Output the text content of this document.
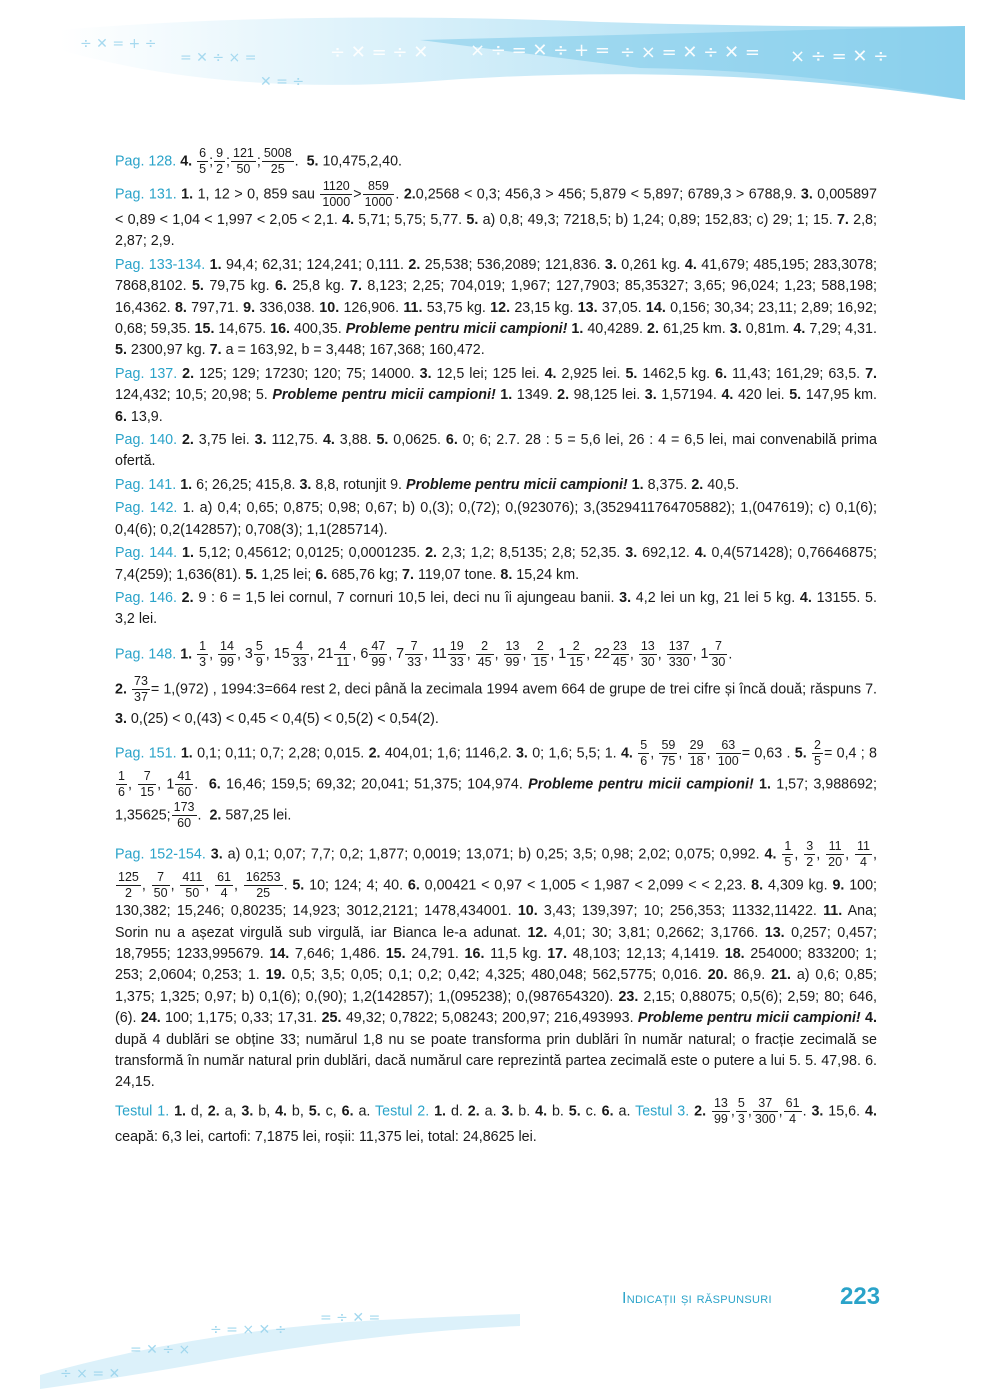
÷ ✕ = ÷ ✕ × ÷ = ✕ ÷ + = ÷ × = ✕ ÷ ✕ = × ÷ = ✕ ÷
÷ ✕ = + ÷
= ✕ ÷ × =
✕ = ÷

Pag. 128. 4. $\frac{6}{5}$ ; $\frac{9}{2}$ ; $\frac{121}{50}$ ; $\frac{5008}{25}$ .  5. 10,475,2,40.

Pag. 131. 1. 1, 12 > 0, 859 sau $\frac{1120}{1000} > \frac{859}{1000}$ . 2.0,2568 < 0,3; 456,3 > 456; 5,879 < 5,897; 6789,3 > 6788,9. 3. 0,005897 < 0,89 < 1,04 < 1,997 < 2,05 < 2,1. 4. 5,71; 5,75; 5,77. 5. a) 0,8; 49,3; 7218,5; b) 1,24; 0,89; 152,83; c) 29; 1; 15. 7. 2,8; 2,87; 2,9.

Pag. 133-134. 1. 94,4; 62,31; 124,241; 0,111. 2. 25,538; 536,2089; 121,836. 3. 0,261 kg. 4. 41,679; 485,195; 283,3078; 7868,8102. 5. 79,75 kg. 6. 25,8 kg. 7. 8,123; 2,25; 704,019; 1,967; 127,7903; 85,35327; 3,65; 96,024; 1,23; 588,198; 16,4362. 8. 797,71. 9. 336,038. 10. 126,906. 11. 53,75 kg. 12. 23,15 kg. 13. 37,05. 14. 0,156; 30,34; 23,11; 2,89; 16,92; 0,68; 59,35. 15. 14,675. 16. 400,35. Probleme pentru micii campioni! 1. 40,4289. 2. 61,25 km. 3. 0,81m. 4. 7,29; 4,31. 5. 2300,97 kg. 7. a = 163,92, b = 3,448; 167,368; 160,472.

Pag. 137. 2. 125; 129; 17230; 120; 75; 14000. 3. 12,5 lei; 125 lei. 4. 2,925 lei. 5. 1462,5 kg. 6. 11,43; 161,29; 63,5. 7. 124,432; 10,5; 20,98; 5. Probleme pentru micii campioni! 1. 1349. 2. 98,125 lei. 3. 1,57194. 4. 420 lei. 5. 147,95 km. 6. 13,9.

Pag. 140. 2. 3,75 lei. 3. 112,75. 4. 3,88. 5. 0,0625. 6. 0; 6; 2.7. 28 : 5 = 5,6 lei, 26 : 4 = 6,5 lei, mai convenabilă prima ofertă.

Pag. 141. 1. 6; 26,25; 415,8. 3. 8,8, rotunjit 9. Probleme pentru micii campioni! 1. 8,375. 2. 40,5.

Pag. 142. 1. a) 0,4; 0,65; 0,875; 0,98; 0,67; b) 0,(3); 0,(72); 0,(923076); 3,(3529411764705882); 1,(047619); c) 0,1(6); 0,4(6); 0,2(142857); 0,708(3); 1,1(285714).

Pag. 144. 1. 5,12; 0,45612; 0,0125; 0,0001235. 2. 2,3; 1,2; 8,5135; 2,8; 52,35. 3. 692,12. 4. 0,4(571428); 0,76646875; 7,4(259); 1,636(81). 5. 1,25 lei; 6. 685,76 kg; 7. 119,07 tone. 8. 15,24 km.

Pag. 146. 2. 9 : 6 = 1,5 lei cornul, 7 cornuri 10,5 lei, deci nu îi ajungeau banii. 3. 4,2 lei un kg, 21 lei 5 kg. 4. 13155. 5. 3,2 lei.

Pag. 148. 1. $\frac{1}{3}$ , $\frac{14}{99}$ , $3 \frac{5}{9}$ , $15 \frac{4}{33}$ , $21 \frac{4}{11}$ , $6 \frac{47}{99}$ , $7 \frac{7}{33}$ , $11 \frac{19}{33}$ , $\frac{2}{45}$ , $\frac{13}{99}$ , $\frac{2}{15}$ , $1 \frac{2}{15}$ , $22 \frac{23}{45}$ , $\frac{13}{30}$ , $\frac{137}{330}$ , $1 \frac{7}{30}$ .
2. $\frac{73}{37} = 1,(972)$ , 1994:3=664 rest 2, deci până la zecimala 1994 avem 664 de grupe de trei cifre și încă două; răspuns 7. 3. 0,(25) < 0,(43) < 0,45 < 0,4(5) < 0,5(2) < 0,54(2).

Pag. 151. 1. 0,1; 0,11; 0,7; 2,28; 0,015. 2. 404,01; 1,6; 1146,2. 3. 0; 1,6; 5,5; 1. 4. $\frac{5}{6}$ , $\frac{59}{75}$ , $\frac{29}{18}$ , $\frac{63}{100} = 0,63$ . 5. $\frac{2}{5} = 0,4$ ; 8
$\frac{1}{6}$ , $\frac{7}{15}$ , $1 \frac{41}{60}$ .  6. 16,46; 159,5; 69,32; 20,041; 51,375; 104,974. Probleme pentru micii campioni! 1. 1,57; 3,988692; 1,35625; $\frac{173}{60}$ .  2. 587,25 lei.

Pag. 152-154. 3. a) 0,1; 0,07; 7,7; 0,2; 1,877; 0,0019; 13,071; b) 0,25; 3,5; 0,98; 2,02; 0,075; 0,992. 4. $\frac{1}{5}$ , $\frac{3}{2}$ , $\frac{11}{20}$ , $\frac{11}{4}$ ,
$\frac{125}{2}$ , $\frac{7}{50}$ , $\frac{411}{50}$ , $\frac{61}{4}$ , $\frac{16253}{25}$ . 5. 10; 124; 4; 40. 6. 0,00421 < 0,97 < 1,005 < 1,987 < 2,099 < < 2,23. 8. 4,309 kg. 9. 100; 130,382; 15,246; 0,80235; 14,923; 3012,2121; 1478,434001. 10. 3,43; 139,397; 10; 256,353; 11332,11422. 11. Ana; Sorin nu a așezat virgulă sub virgulă, iar Bianca le-a adunat. 12. 4,01; 30; 3,81; 0,2662; 3,1766. 13. 0,257; 0,457; 18,7955; 1233,995679. 14. 7,646; 1,486. 15. 24,791. 16. 11,5 kg. 17. 48,103; 12,13; 4,1419. 18. 254000; 833200; 1; 253; 2,0604; 0,253; 1. 19. 0,5; 3,5; 0,05; 0,1; 0,2; 0,42; 4,325; 480,048; 562,5775; 0,016. 20. 86,9. 21. a) 0,6; 0,85; 1,375; 1,325; 0,97; b) 0,1(6); 0,(90); 1,2(142857); 1,(095238); 0,(987654320). 23. 2,15; 0,88075; 0,5(6); 2,59; 80; 646,(6). 24. 100; 1,175; 0,33; 17,31. 25. 49,32; 0,7822; 5,08243; 200,97; 216,493993. Probleme pentru micii campioni! 4. după 4 dublări se obține 33; numărul 1,8 nu se poate transforma prin dublări în număr natural; o fracție zecimală se transformă în număr natural prin dublări, dacă numărul care reprezintă partea zecimală este o putere a lui 5. 5. 47,98. 6. 24,15.

Testul 1. 1. d, 2. a, 3. b, 4. b, 5. c, 6. a. Testul 2. 1. d. 2. a. 3. b. 4. b. 5. c. 6. a. Testul 3. 2. $\frac{13}{99}$ , $\frac{5}{3}$ , $\frac{37}{300}$ , $\frac{61}{4}$ . 3. 15,6. 4. ceapă: 6,3 lei, cartofi: 7,1875 lei, roșii: 11,375 lei, total: 24,8625 lei.

÷ × = ✕
= ✕ ÷ ×
÷ = × ✕ ÷
= ÷ ✕ =
Indicații și răspunsuri	223
